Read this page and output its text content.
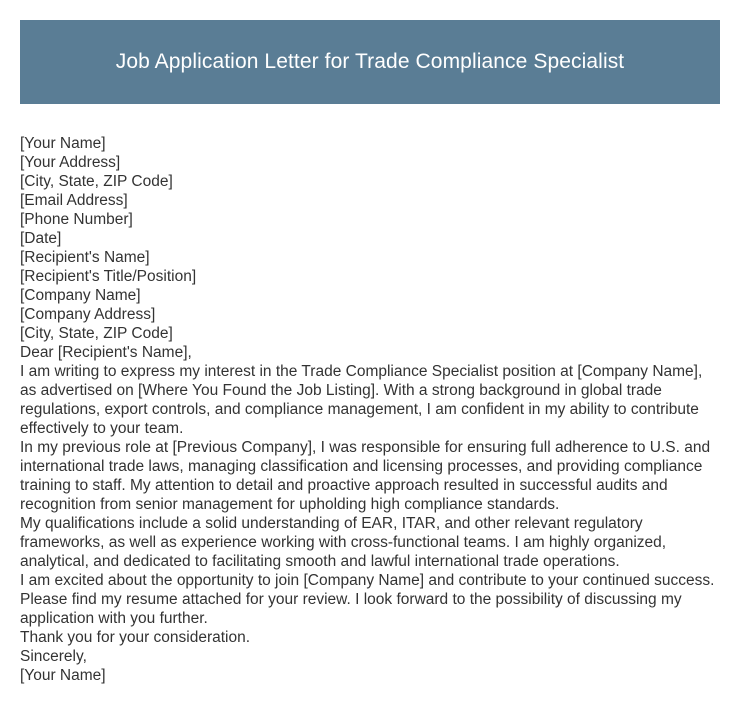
Job Application Letter for Trade Compliance Specialist
[Your Name]
[Your Address]
[City, State, ZIP Code]
[Email Address]
[Phone Number]
[Date]
[Recipient's Name]
[Recipient's Title/Position]
[Company Name]
[Company Address]
[City, State, ZIP Code]
Dear [Recipient's Name],

I am writing to express my interest in the Trade Compliance Specialist position at [Company Name], as advertised on [Where You Found the Job Listing]. With a strong background in global trade regulations, export controls, and compliance management, I am confident in my ability to contribute effectively to your team.

In my previous role at [Previous Company], I was responsible for ensuring full adherence to U.S. and international trade laws, managing classification and licensing processes, and providing compliance training to staff. My attention to detail and proactive approach resulted in successful audits and recognition from senior management for upholding high compliance standards.

My qualifications include a solid understanding of EAR, ITAR, and other relevant regulatory frameworks, as well as experience working with cross-functional teams. I am highly organized, analytical, and dedicated to facilitating smooth and lawful international trade operations.

I am excited about the opportunity to join [Company Name] and contribute to your continued success. Please find my resume attached for your review. I look forward to the possibility of discussing my application with you further.

Thank you for your consideration.
Sincerely,
[Your Name]
